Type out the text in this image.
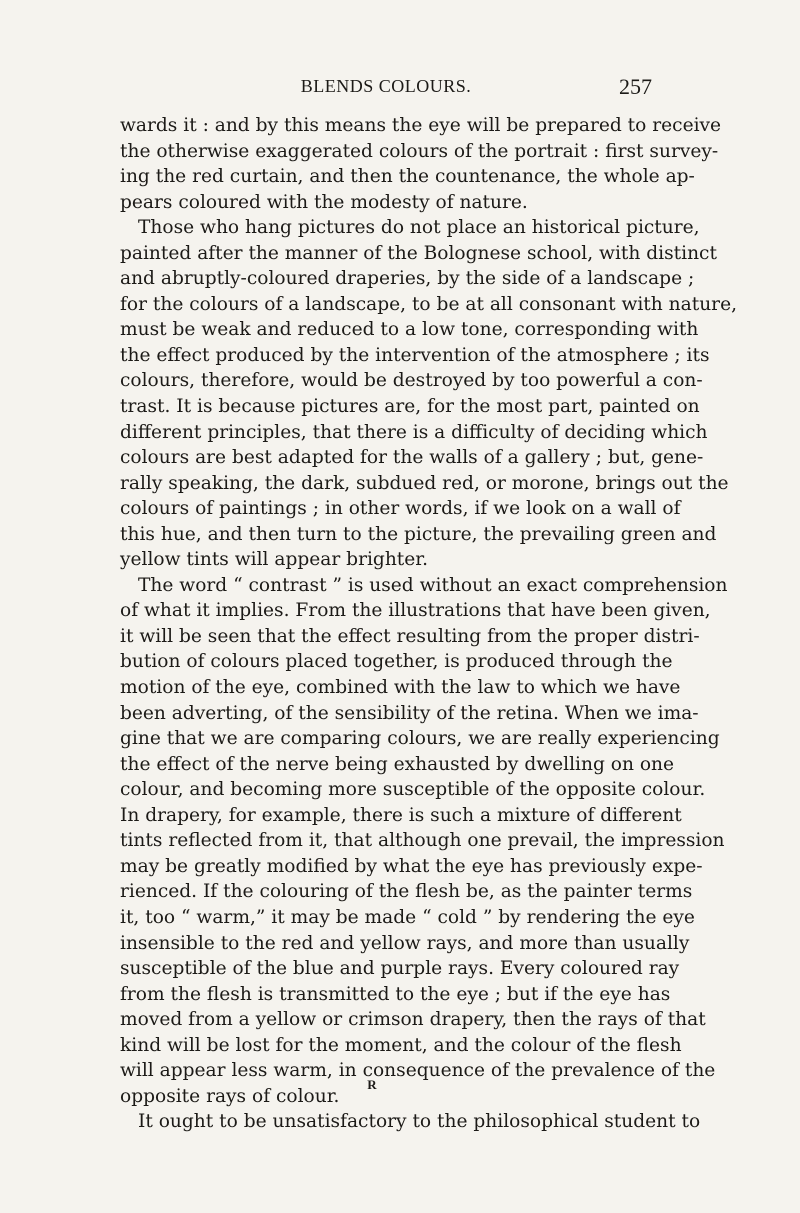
BLENDS COLOURS.	257
wards it : and by this means the eye will be prepared to receive
the otherwise exaggerated colours of the portrait : first survey-
ing the red curtain, and then the countenance, the whole ap-
pears coloured with the modesty of nature.
Those who hang pictures do not place an historical picture,
painted after the manner of the Bolognese school, with distinct
and abruptly-coloured draperies, by the side of a landscape ;
for the colours of a landscape, to be at all consonant with nature,
must be weak and reduced to a low tone, corresponding with
the effect produced by the intervention of the atmosphere ; its
colours, therefore, would be destroyed by too powerful a con-
trast. It is because pictures are, for the most part, painted on
different principles, that there is a difficulty of deciding which
colours are best adapted for the walls of a gallery ; but, gene-
rally speaking, the dark, subdued red, or morone, brings out the
colours of paintings ; in other words, if we look on a wall of
this hue, and then turn to the picture, the prevailing green and
yellow tints will appear brighter.
The word “ contrast ” is used without an exact comprehension
of what it implies. From the illustrations that have been given,
it will be seen that the effect resulting from the proper distri-
bution of colours placed together, is produced through the
motion of the eye, combined with the law to which we have
been adverting, of the sensibility of the retina. When we ima-
gine that we are comparing colours, we are really experiencing
the effect of the nerve being exhausted by dwelling on one
colour, and becoming more susceptible of the opposite colour.
In drapery, for example, there is such a mixture of different
tints reflected from it, that although one prevail, the impression
may be greatly modified by what the eye has previously expe-
rienced. If the colouring of the flesh be, as the painter terms
it, too “ warm,” it may be made “ cold ” by rendering the eye
insensible to the red and yellow rays, and more than usually
susceptible of the blue and purple rays. Every coloured ray
from the flesh is transmitted to the eye ; but if the eye has
moved from a yellow or crimson drapery, then the rays of that
kind will be lost for the moment, and the colour of the flesh
will appear less warm, in consequence of the prevalence of the
opposite rays of colour.
It ought to be unsatisfactory to the philosophical student to
R
